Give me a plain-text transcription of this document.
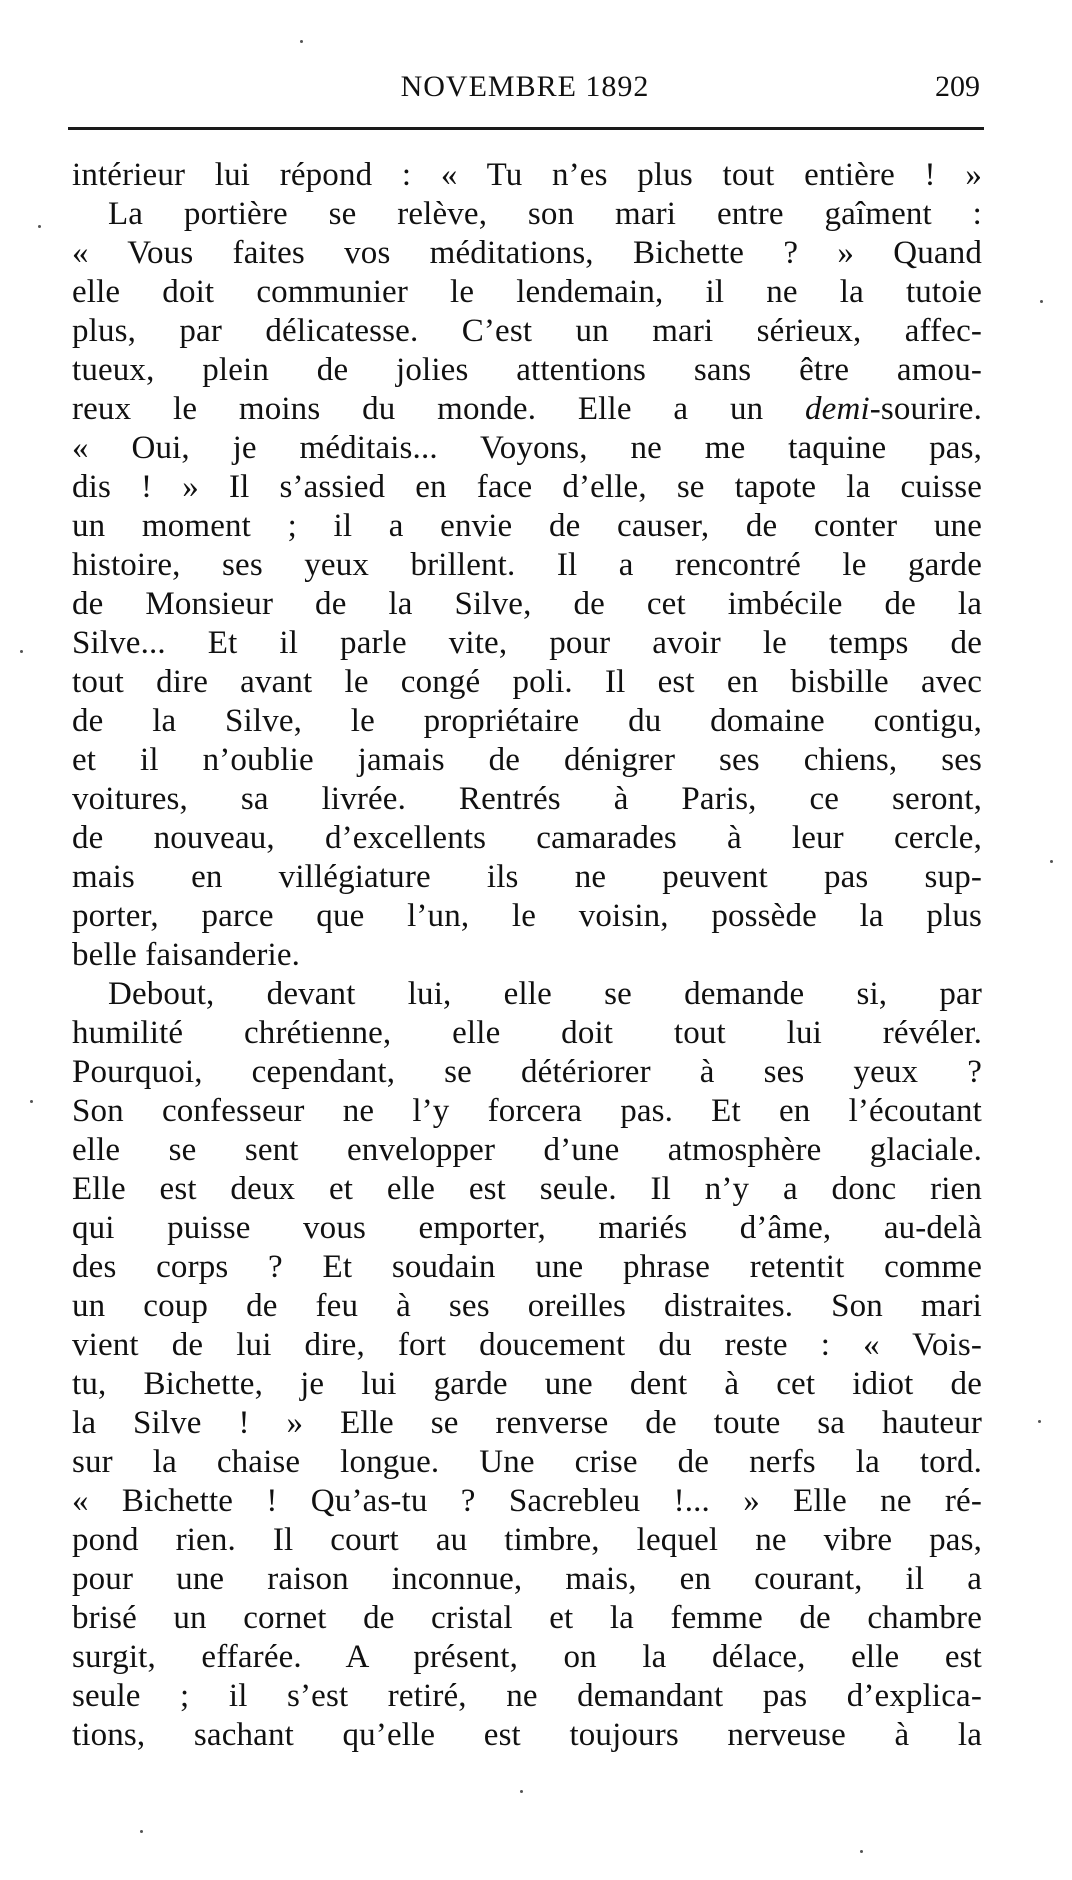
NOVEMBRE 1892	209
intérieur lui répond : « Tu n’es plus tout entière ! »
La portière se relève, son mari entre gaîment :
« Vous faites vos méditations, Bichette ? » Quand
elle doit communier le lendemain, il ne la tutoie
plus, par délicatesse. C’est un mari sérieux, affec-
tueux, plein de jolies attentions sans être amou-
reux le moins du monde. Elle a un demi-sourire.
« Oui, je méditais... Voyons, ne me taquine pas,
dis ! » Il s’assied en face d’elle, se tapote la cuisse
un moment ; il a envie de causer, de conter une
histoire, ses yeux brillent. Il a rencontré le garde
de Monsieur de la Silve, de cet imbécile de la
Silve... Et il parle vite, pour avoir le temps de
tout dire avant le congé poli. Il est en bisbille avec
de la Silve, le propriétaire du domaine contigu,
et il n’oublie jamais de dénigrer ses chiens, ses
voitures, sa livrée. Rentrés à Paris, ce seront,
de nouveau, d’excellents camarades à leur cercle,
mais en villégiature ils ne peuvent pas sup-
porter, parce que l’un, le voisin, possède la plus
belle faisanderie.
Debout, devant lui, elle se demande si, par
humilité chrétienne, elle doit tout lui révéler.
Pourquoi, cependant, se détériorer à ses yeux ?
Son confesseur ne l’y forcera pas. Et en l’écoutant
elle se sent envelopper d’une atmosphère glaciale.
Elle est deux et elle est seule. Il n’y a donc rien
qui puisse vous emporter, mariés d’âme, au-delà
des corps ? Et soudain une phrase retentit comme
un coup de feu à ses oreilles distraites. Son mari
vient de lui dire, fort doucement du reste : « Vois-
tu, Bichette, je lui garde une dent à cet idiot de
la Silve ! » Elle se renverse de toute sa hauteur
sur la chaise longue. Une crise de nerfs la tord.
« Bichette ! Qu’as-tu ? Sacrebleu !... » Elle ne ré-
pond rien. Il court au timbre, lequel ne vibre pas,
pour une raison inconnue, mais, en courant, il a
brisé un cornet de cristal et la femme de chambre
surgit, effarée. A présent, on la délace, elle est
seule ; il s’est retiré, ne demandant pas d’explica-
tions, sachant qu’elle est toujours nerveuse à la
